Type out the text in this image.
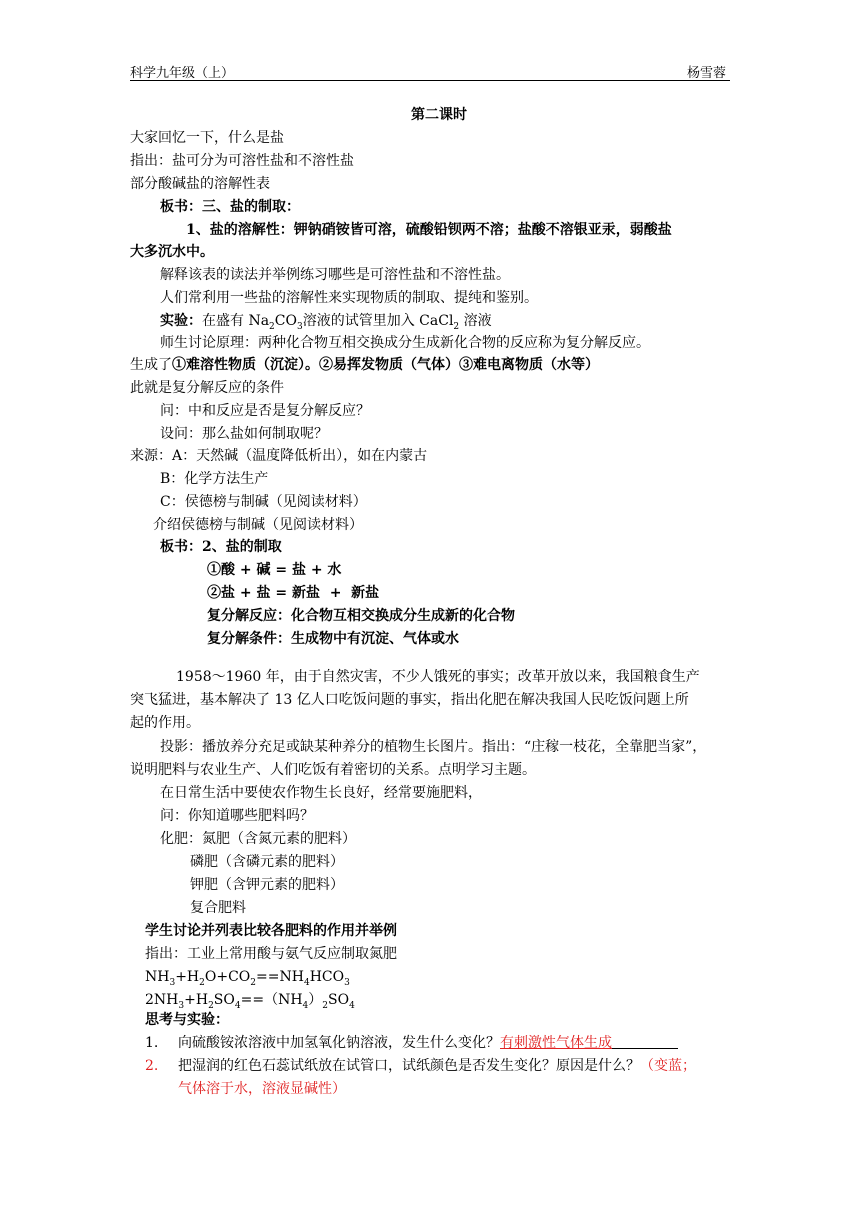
科学九年级（上）	杨雪蓉
第二课时
大家回忆一下，什么是盐
指出：盐可分为可溶性盐和不溶性盐
部分酸碱盐的溶解性表
板书：三、盐的制取：
1、盐的溶解性：钾钠硝铵皆可溶，硫酸铅钡两不溶；盐酸不溶银亚汞，弱酸盐
大多沉水中。
解释该表的读法并举例练习哪些是可溶性盐和不溶性盐。
人们常利用一些盐的溶解性来实现物质的制取、提纯和鉴别。
实验：在盛有 $Na_2CO_3$溶液的试管里加入 CaCl$_2$ 溶液
师生讨论原理：两种化合物互相交换成分生成新化合物的反应称为复分解反应。
生成了①难溶性物质（沉淀）。②易挥发物质（气体）③难电离物质（水等）
此就是复分解反应的条件
问：中和反应是否是复分解反应？
设问：那么盐如何制取呢？
来源：A：天然碱（温度降低析出），如在内蒙古
B：化学方法生产
C：侯德榜与制碱（见阅读材料）
介绍侯德榜与制碱（见阅读材料）
板书：2、盐的制取
①酸 + 碱 = 盐 + 水
②盐 + 盐 = 新盐  +  新盐
复分解反应：化合物互相交换成分生成新的化合物
复分解条件：生成物中有沉淀、气体或水
1958～1960 年，由于自然灾害，不少人饿死的事实；改革开放以来，我国粮食生产
突飞猛进，基本解决了 13 亿人口吃饭问题的事实，指出化肥在解决我国人民吃饭问题上所
起的作用。
投影：播放养分充足或缺某种养分的植物生长图片。指出：“庄稼一枝花，全靠肥当家”，
说明肥料与农业生产、人们吃饭有着密切的关系。点明学习主题。
在日常生活中要使农作物生长良好，经常要施肥料，
问：你知道哪些肥料吗？
化肥：氮肥（含氮元素的肥料）
磷肥（含磷元素的肥料）
钾肥（含钾元素的肥料）
复合肥料
学生讨论并列表比较各肥料的作用并举例
指出：工业上常用酸与氨气反应制取氮肥
$NH_3+H_2O+CO_2==NH_4HCO_3$
$2NH_3+H_2SO_4==(NH_4)_2SO_4$
思考与实验：
1. 向硫酸铵浓溶液中加氢氧化钠溶液，发生什么变化？有刺激性气体生成
2. 把湿润的红色石蕊试纸放在试管口，试纸颜色是否发生变化？原因是什么？（变蓝；
气体溶于水，溶液显碱性）
